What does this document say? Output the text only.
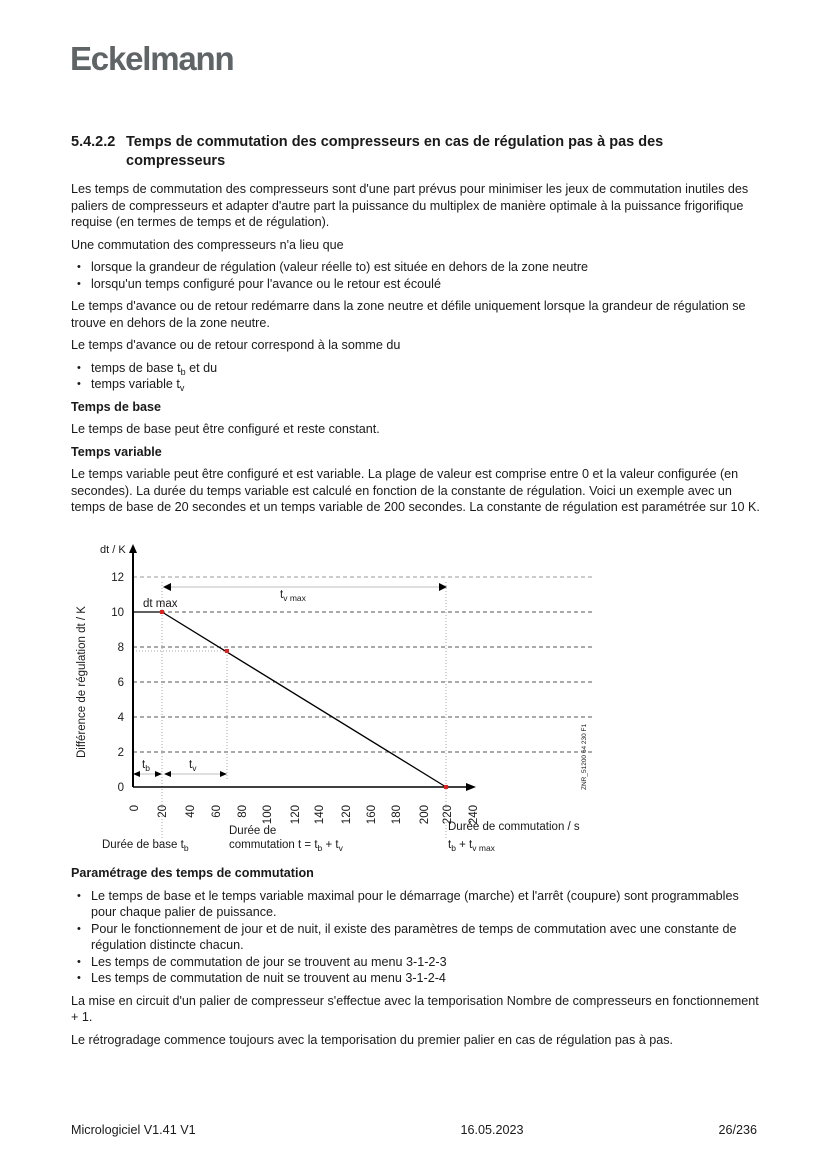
Eckelmann
5.4.2.2 Temps de commutation des compresseurs en cas de régulation pas à pas des compresseurs

Les temps de commutation des compresseurs sont d'une part prévus pour minimiser les jeux de commutation inutiles des paliers de compresseurs et adapter d'autre part la puissance du multiplex de manière optimale à la puissance frigorifique requise (en termes de temps et de régulation).

Une commutation des compresseurs n'a lieu que

• lorsque la grandeur de régulation (valeur réelle to) est située en dehors de la zone neutre
• lorsqu'un temps configuré pour l'avance ou le retour est écoulé

Le temps d'avance ou de retour redémarre dans la zone neutre et défile uniquement lorsque la grandeur de régulation se trouve en dehors de la zone neutre.

Le temps d'avance ou de retour correspond à la somme du

• temps de base $t_b$ et du
• temps variable $t_v$
Temps de base

Le temps de base peut être configuré et reste constant.

Temps variable

Le temps variable peut être configuré et est variable. La plage de valeur est comprise entre 0 et la valeur configurée (en secondes). La durée du temps variable est calculé en fonction de la constante de régulation. Voici un exemple avec un temps de base de 20 secondes et un temps variable de 200 secondes. La constante de régulation est paramétrée sur 10 K.

dt / K
0
2
4
6
8
10
12
Différence de régulation dt / K
0 20 40 60 80 100 120 140 120 160 180 200 220 240
dt max
$t_{v max}$
$t_b$	$t_v$
Durée de base $t_b$
Durée de
commutation $t = t_b + t_v$
Durée de commutation / s
$t_b + t_{v max}$
ZNR_51200 64 230 F1
Paramétrage des temps de commutation
• Le temps de base et le temps variable maximal pour le démarrage (marche) et l'arrêt (coupure) sont programmables pour chaque palier de puissance.
• Pour le fonctionnement de jour et de nuit, il existe des paramètres de temps de commutation avec une constante de régulation distincte chacun.
• Les temps de commutation de jour se trouvent au menu 3-1-2-3
• Les temps de commutation de nuit se trouvent au menu 3-1-2-4

La mise en circuit d'un palier de compresseur s'effectue avec la temporisation Nombre de compresseurs en fonctionnement + 1.

Le rétrogradage commence toujours avec la temporisation du premier palier en cas de régulation pas à pas.

Micrologiciel V1.41 V1	16.05.2023	26/236
